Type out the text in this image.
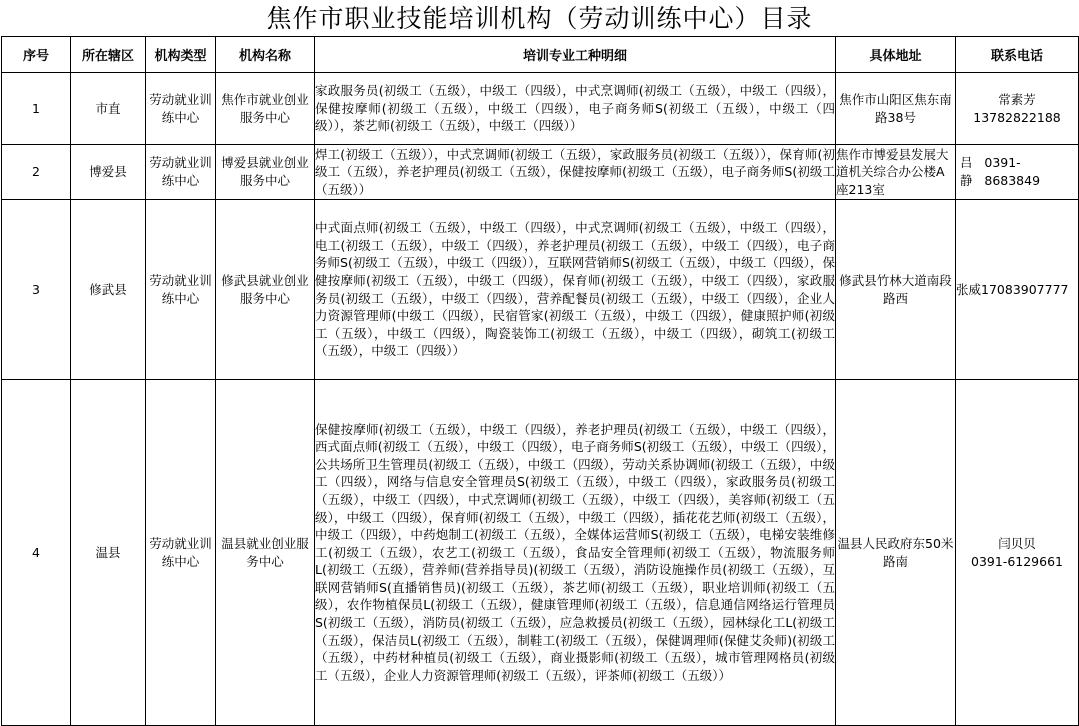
焦作市职业技能培训机构（劳动训练中心）目录
序号	所在辖区	机构类型	机构名称	培训专业工种明细	具体地址	联系电话
1	市直	劳动就业训练中心	焦作市就业创业服务中心	家政服务员(初级工（五级），中级工（四级），中式烹调师(初级工（五级），中级工（四级），保健按摩师(初级工（五级），中级工（四级），电子商务师S(初级工（五级），中级工（四级）），茶艺师(初级工（五级），中级工（四级））	焦作市山阳区焦东南路38号	常素芳
13782822188

2	博爱县	劳动就业训练中心	博爱县就业创业服务中心	焊工(初级工（五级）），中式烹调师(初级工（五级），家政服务员(初级工（五级）），保育师(初级工（五级），养老护理员(初级工（五级），保健按摩师(初级工（五级），电子商务师S(初级工（五级））	焦作市博爱县发展大道机关综合办公楼A座213室	吕静
0391-8683849

3	修武县	劳动就业训练中心	修武县就业创业服务中心	中式面点师(初级工（五级），中级工（四级），中式烹调师(初级工（五级），中级工（四级），电工(初级工（五级），中级工（四级），养老护理员(初级工（五级），中级工（四级），电子商务师S(初级工（五级），中级工（四级）），互联网营销师S(初级工（五级），中级工（四级），保健按摩师(初级工（五级），中级工（四级），保育师(初级工（五级），中级工（四级），家政服务员(初级工（五级），中级工（四级），营养配餐员(初级工（五级），中级工（四级），企业人力资源管理师(中级工（四级），民宿管家(初级工（五级），中级工（四级），健康照护师(初级工（五级），中级工（四级），陶瓷装饰工(初级工（五级），中级工（四级），砌筑工(初级工（五级），中级工（四级））	修武县竹林大道南段路西	张威17083907777
4	温县	劳动就业训练中心	温县就业创业服务中心	保健按摩师(初级工（五级），中级工（四级），养老护理员(初级工（五级），中级工（四级），西式面点师(初级工（五级），中级工（四级），电子商务师S(初级工（五级），中级工（四级），公共场所卫生管理员(初级工（五级），中级工（四级），劳动关系协调师(初级工（五级），中级工（四级），网络与信息安全管理员S(初级工（五级），中级工（四级），家政服务员(初级工（五级），中级工（四级），中式烹调师(初级工（五级），中级工（四级），美容师(初级工（五级），中级工（四级），保育师(初级工（五级），中级工（四级），插花花艺师(初级工（五级），中级工（四级），中药炮制工(初级工（五级），全媒体运营师S(初级工（五级），电梯安装维修工(初级工（五级），农艺工(初级工（五级），食品安全管理师(初级工（五级），物流服务师L(初级工（五级），营养师(营养指导员)(初级工（五级），消防设施操作员(初级工（五级），互联网营销师S(直播销售员)(初级工（五级），茶艺师(初级工（五级），职业培训师(初级工（五级），农作物植保员L(初级工（五级），健康管理师(初级工（五级），信息通信网络运行管理员S(初级工（五级），消防员(初级工（五级），应急救援员(初级工（五级），园林绿化工L(初级工（五级），保洁员L(初级工（五级），制鞋工(初级工（五级），保健调理师(保健艾灸师)(初级工（五级），中药材种植员(初级工（五级），商业摄影师(初级工（五级），城市管理网格员(初级工（五级），企业人力资源管理师(初级工（五级），评茶师(初级工（五级））	温县人民政府东50米路南	闫贝贝
0391-6129661
